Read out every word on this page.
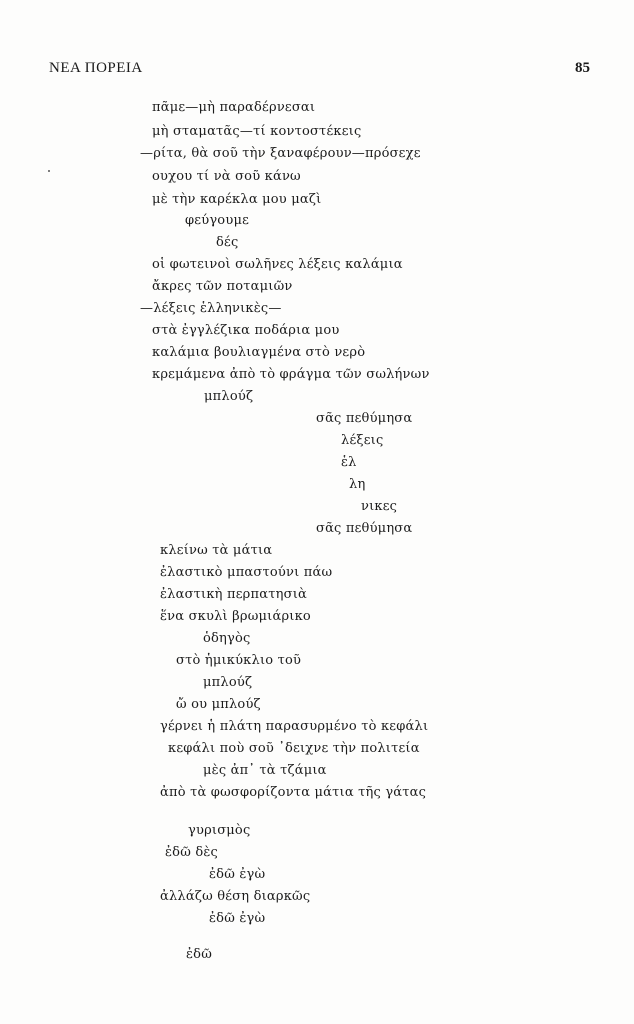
ΝΕΑ ΠΟΡΕΙΑ	85
πᾶμε—μὴ παραδέρνεσαι
μὴ σταματᾶς—τί κοντοστέκεις
—ρίτα, θὰ σοῦ τὴν ξαναφέρουν—πρόσεχε
ουχου τί νὰ σοῦ κάνω
μὲ τὴν καρέκλα μου μαζὶ
φεύγουμε
δές
οἱ φωτεινοὶ σωλῆνες λέξεις καλάμια
ἄκρες τῶν ποταμιῶν
—λέξεις ἑλληνικὲς—
στὰ ἐγγλέζικα ποδάρια μου
καλάμια βουλιαγμένα στὸ νερὸ
κρεμάμενα ἀπὸ τὸ φράγμα τῶν σωλήνων
μπλούζ
σᾶς πεθύμησα
λέξεις
ἑλ
λη
νικες
σᾶς πεθύμησα
κλείνω τὰ μάτια
ἐλαστικὸ μπαστούνι πάω
ἐλαστικὴ περπατησιὰ
ἕνα σκυλὶ βρωμιάρικο
ὁδηγὸς
στὸ ἡμικύκλιο τοῦ
μπλούζ
ὤ ου μπλούζ
γέρνει ἡ πλάτη παρασυρμένο τὸ κεφάλι
κεφάλι ποὺ σοῦ ᾿δειχνε τὴν πολιτεία
μὲς ἀπ᾿ τὰ τζάμια
ἀπὸ τὰ φωσφορίζοντα μάτια τῆς γάτας
γυρισμὸς
ἐδῶ δὲς
ἐδῶ ἐγὼ
ἀλλάζω θέση διαρκῶς
ἐδῶ ἐγὼ
ἐδῶ
